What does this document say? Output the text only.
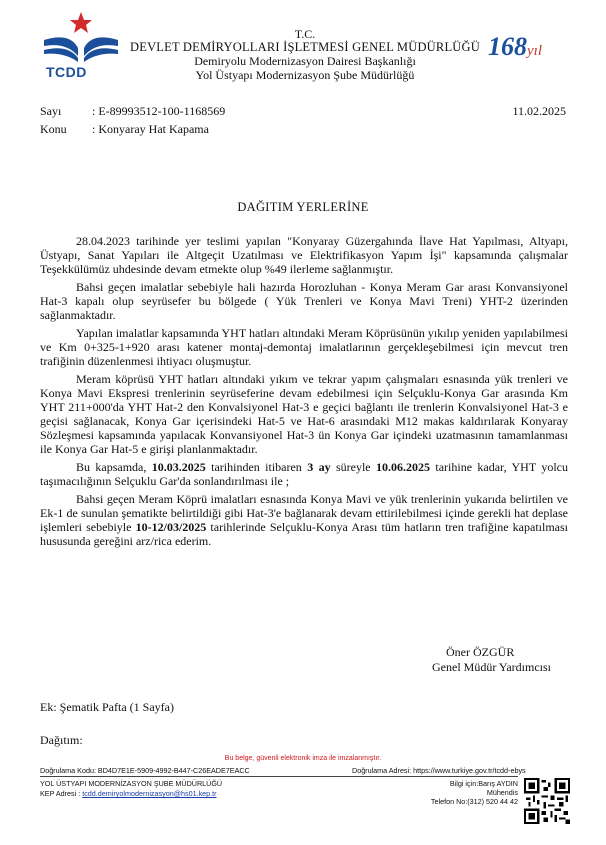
TCDD
168yıl
T.C.
DEVLET DEMİRYOLLARI İŞLETMESİ GENEL MÜDÜRLÜĞÜ
Demiryolu Modernizasyon Dairesi Başkanlığı
Yol Üstyapı Modernizasyon Şube Müdürlüğü
Sayı	: E-89993512-100-1168569
Konu : Konyaray Hat Kapama
11.02.2025
DAĞITIM YERLERİNE

28.04.2023 tarihinde yer teslimi yapılan "Konyaray Güzergahında İlave Hat Yapılması, Altyapı, Üstyapı, Sanat Yapıları ile Altgeçit Uzatılması ve Elektrifikasyon Yapım İşi" kapsamında çalışmalar Teşekkülümüz uhdesinde devam etmekte olup %49 ilerleme sağlanmıştır.

Bahsi geçen imalatlar sebebiyle hali hazırda Horozluhan - Konya Meram Gar arası Konvansiyonel Hat-3 kapalı olup seyrüsefer bu bölgede ( Yük Trenleri ve Konya Mavi Treni) YHT-2 üzerinden sağlanmaktadır.

Yapılan imalatlar kapsamında YHT hatları altındaki Meram Köprüsünün yıkılıp yeniden yapılabilmesi ve Km 0+325-1+920 arası katener montaj-demontaj imalatlarının gerçekleşebilmesi için mevcut tren trafiğinin düzenlenmesi ihtiyacı oluşmuştur.

Meram köprüsü YHT hatları altındaki yıkım ve tekrar yapım çalışmaları esnasında yük trenleri ve Konya Mavi Ekspresi trenlerinin seyrüseferine devam edebilmesi için Selçuklu-Konya Gar arasında Km YHT 211+000'da YHT Hat-2 den Konvalsiyonel Hat-3 e geçici bağlantı ile trenlerin Konvalsiyonel Hat-3 e geçisi sağlanacak, Konya Gar içerisindeki Hat-5 ve Hat-6 arasındaki M12 makas kaldırılarak Konyaray Sözleşmesi kapsamında yapılacak Konvansiyonel Hat-3 ün Konya Gar içindeki uzatmasının tamamlanması ile Konya Gar Hat-5 e girişi planlanmaktadır.

Bu kapsamda, 10.03.2025 tarihinden itibaren 3 ay süreyle 10.06.2025 tarihine kadar, YHT yolcu taşımacılığının Selçuklu Gar'da sonlandırılması ile ;

Bahsi geçen Meram Köprü imalatları esnasında Konya Mavi ve yük trenlerinin yukarıda belirtilen ve Ek-1 de sunulan şematikte belirtildiği gibi Hat-3'e bağlanarak devam ettirilebilmesi içinde gerekli hat deplase işlemleri sebebiyle 10-12/03/2025 tarihlerinde Selçuklu-Konya Arası tüm hatların tren trafiğine kapatılması hususunda gereğini arz/rica ederim.

Öner ÖZGÜR
Genel Müdür Yardımcısı
Ek: Şematik Pafta (1 Sayfa)
Dağıtım:
Bu belge, güvenli elektronik imza ile imzalanmıştır.
Doğrulama Kodu: BD4D7E1E-5909-4992-B447-C26EADE7EACC	Doğrulama Adresi: https://www.turkiye.gov.tr/tcdd-ebys
YOL ÜSTYAPI MODERNİZASYON ŞUBE MÜDÜRLÜĞÜ
KEP Adresi : tcdd.demiryolmodernizasyon@hs01.kep.tr
Bilgi için:Barış AYDIN
Mühendis
Telefon No:(312) 520 44 42
